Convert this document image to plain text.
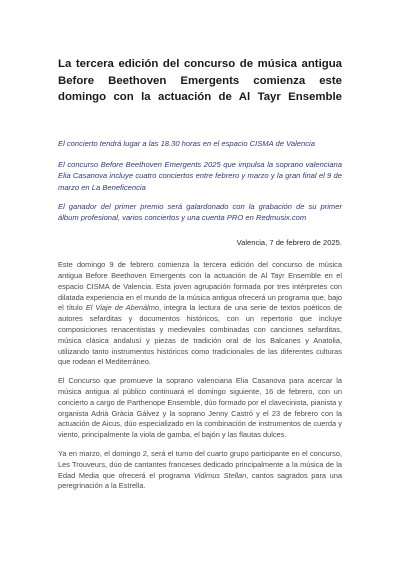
La tercera edición del concurso de música antigua Before Beethoven Emergents comienza este domingo con la actuación de Al Tayr Ensemble

El concierto tendrá lugar a las 18.30 horas en el espacio CISMA de Valencia

El concurso Before Beethoven Emergents 2025 que impulsa la soprano valenciana Elia Casanova incluye cuatro conciertos entre febrero y marzo y la gran final el 9 de marzo en La Beneficencia

El ganador del primer premio será galardonado con la grabación de su primer álbum profesional, varios conciertos y una cuenta PRO en Redmusix.com

Valencia, 7 de febrero de 2025.

Este domingo 9 de febrero comienza la tercera edición del concurso de música antigua Before Beethoven Emergents con la actuación de Al Tayr Ensemble en el espacio CISMA de Valencia. Esta joven agrupación formada por tres intérpretes con dilatada experiencia en el mundo de la música antigua ofrecerá un programa que, bajo el título El Viaje de Abenálmo, integra la lectura de una serie de textos poéticos de autores sefarditas y documentos históricos, con un repertorio que incluye composiciones renacentistas y medievales combinadas con canciones sefarditas, música clásica andalusí y piezas de tradición oral de los Balcanes y Anatolia, utilizando tanto instrumentos históricos como tradicionales de las diferentes culturas que rodean el Mediterráneo.

El Concurso que promueve la soprano valenciana Elia Casanova para acercar la música antigua al público continuará el domingo siguiente, 16 de febrero, con un concierto a cargo de Parthenope Ensemble, dúo formado por el clavecinista, pianista y organista Adrià Gràcia Gálvez y la soprano Jenny Castró y el 23 de febrero con la actuación de Aicus, dúo especializado en la combinación de instrumentos de cuerda y viento, principalmente la viola de gamba, el bajón y las flautas dulces.

Ya en marzo, el domingo 2, será el turno del cuarto grupo participante en el concurso, Les Trouveurs, dúo de cantantes franceses dedicado principalmente a la música de la Edad Media que ofrecerá el programa Vidimus Stellan, cantos sagrados para una peregrinación a la Estrella.
